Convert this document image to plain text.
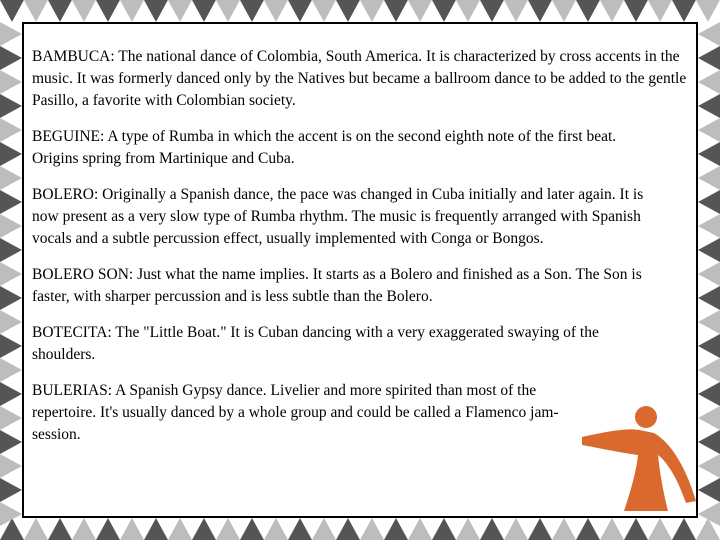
BAMBUCA: The national dance of Colombia, South America. It is characterized by cross accents in the music. It was formerly danced only by the Natives but became a ballroom dance to be added to the gentle Pasillo, a favorite with Colombian society.

BEGUINE: A type of Rumba in which the accent is on the second eighth note of the first beat. Origins spring from Martinique and Cuba.

BOLERO: Originally a Spanish dance, the pace was changed in Cuba initially and later again. It is now present as a very slow type of Rumba rhythm. The music is frequently arranged with Spanish vocals and a subtle percussion effect, usually implemented with Conga or Bongos.

BOLERO SON: Just what the name implies. It starts as a Bolero and finished as a Son. The Son is faster, with sharper percussion and is less subtle than the Bolero.

BOTECITA: The "Little Boat." It is Cuban dancing with a very exaggerated swaying of the shoulders.

BULERIAS: A Spanish Gypsy dance. Livelier and more spirited than most of the repertoire. It's usually danced by a whole group and could be called a Flamenco jam-session.
